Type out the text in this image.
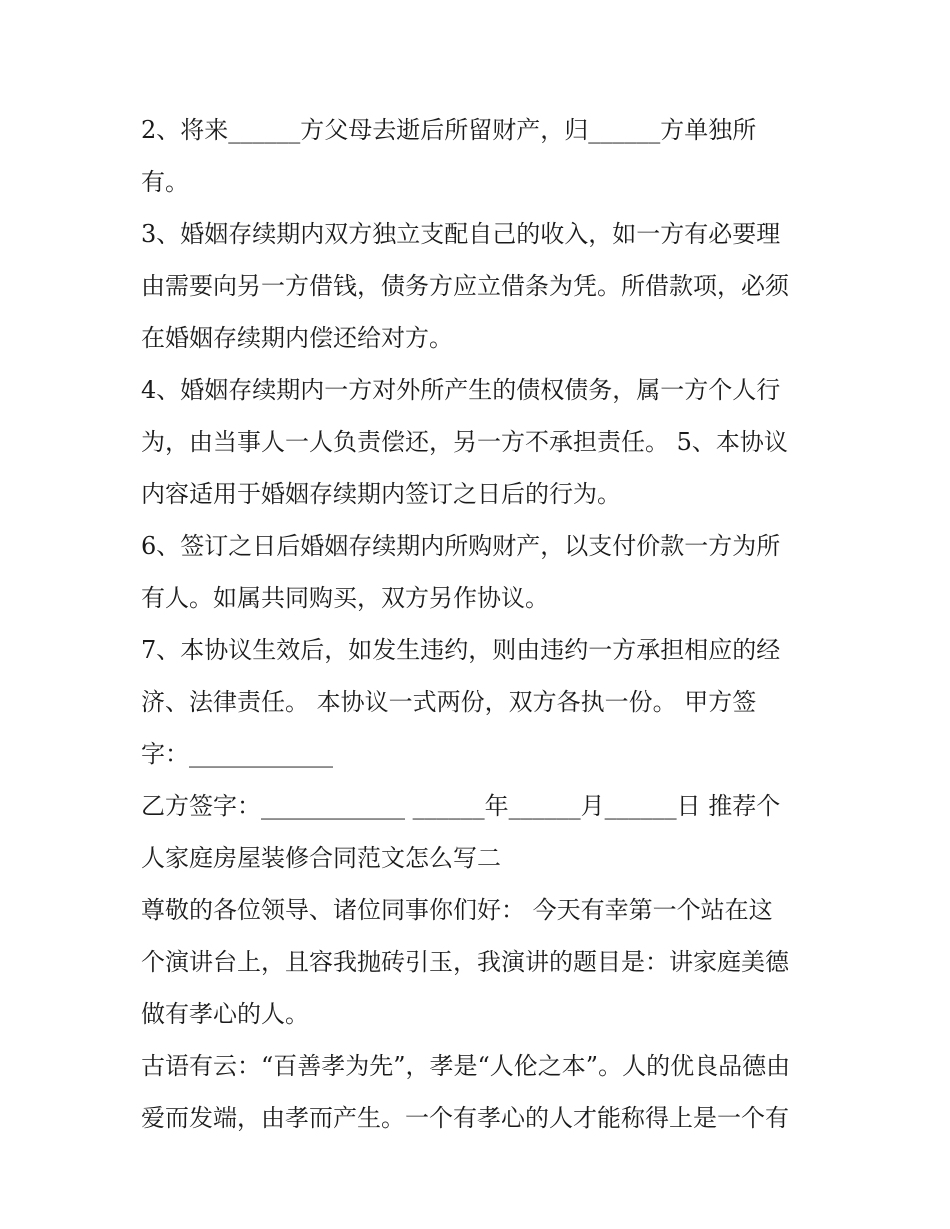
2、将来______方父母去逝后所留财产，归______方单独所
有。
3、婚姻存续期内双方独立支配自己的收入，如一方有必要理
由需要向另一方借钱，债务方应立借条为凭。所借款项，必须
在婚姻存续期内偿还给对方。
4、婚姻存续期内一方对外所产生的债权债务，属一方个人行
为，由当事人一人负责偿还，另一方不承担责任。 5、本协议
内容适用于婚姻存续期内签订之日后的行为。
6、签订之日后婚姻存续期内所购财产，以支付价款一方为所
有人。如属共同购买，双方另作协议。
7、本协议生效后，如发生违约，则由违约一方承担相应的经
济、法律责任。 本协议一式两份，双方各执一份。 甲方签
字：____________
乙方签字：____________ ______年______月______日 推荐个
人家庭房屋装修合同范文怎么写二
尊敬的各位领导、诸位同事你们好： 今天有幸第一个站在这
个演讲台上，且容我抛砖引玉，我演讲的题目是：讲家庭美德
做有孝心的人。
古语有云：“百善孝为先”，孝是“人伦之本”。人的优良品德由
爱而发端，由孝而产生。一个有孝心的人才能称得上是一个有
